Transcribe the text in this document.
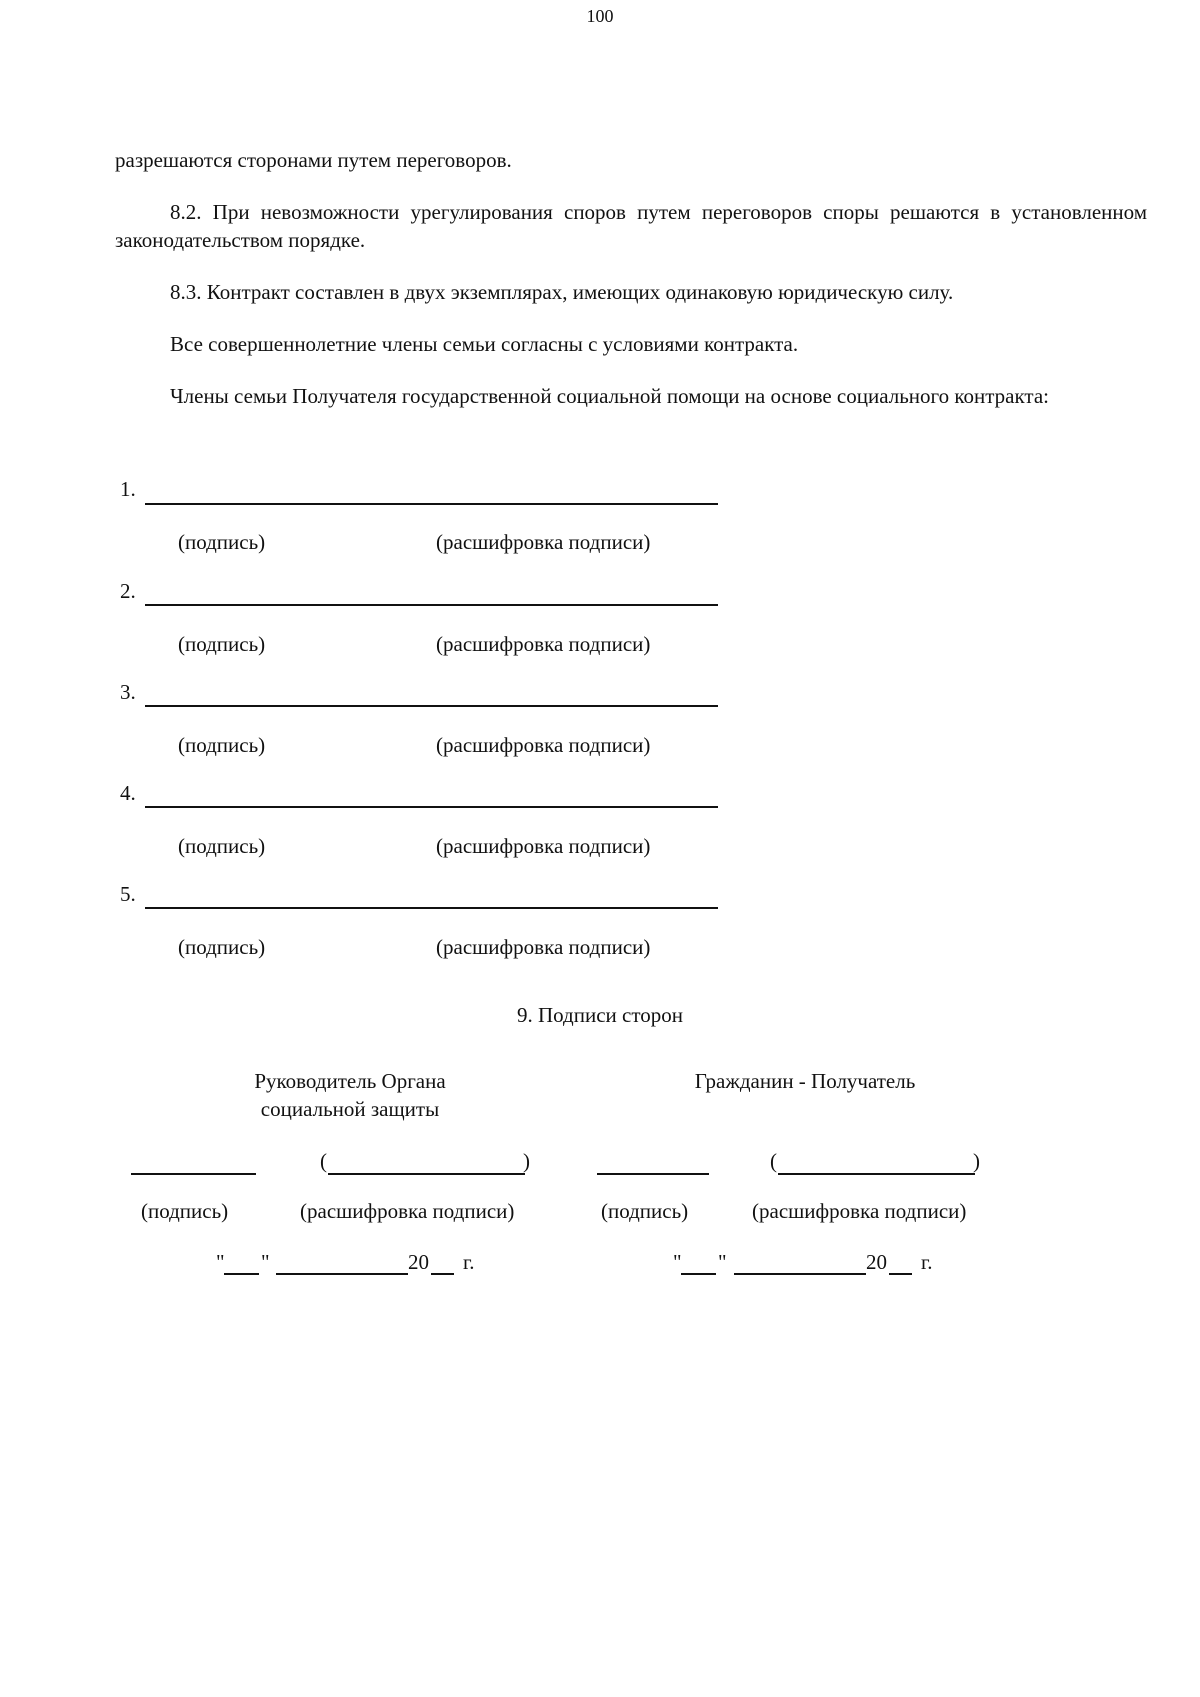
100
разрешаются сторонами путем переговоров.
8.2. При невозможности урегулирования споров путем переговоров споры решаются в установленном законодательством порядке.
8.3. Контракт составлен в двух экземплярах, имеющих одинаковую юридическую силу.
Все совершеннолетние члены семьи согласны с условиями контракта.
Члены семьи Получателя государственной социальной помощи на основе социального контракта:
1.
(подпись)	(расшифровка подписи)
2.
(подпись)	(расшифровка подписи)
3.
(подпись)	(расшифровка подписи)
4.
(подпись)	(расшифровка подписи)
5.
(подпись)	(расшифровка подписи)
9. Подписи сторон
Руководитель Органа
социальной защиты
(	)
(подпись)	(расшифровка подписи)
" "	20 г.
Гражданин - Получатель
(	)
(подпись)	(расшифровка подписи)
" "	20 г.
